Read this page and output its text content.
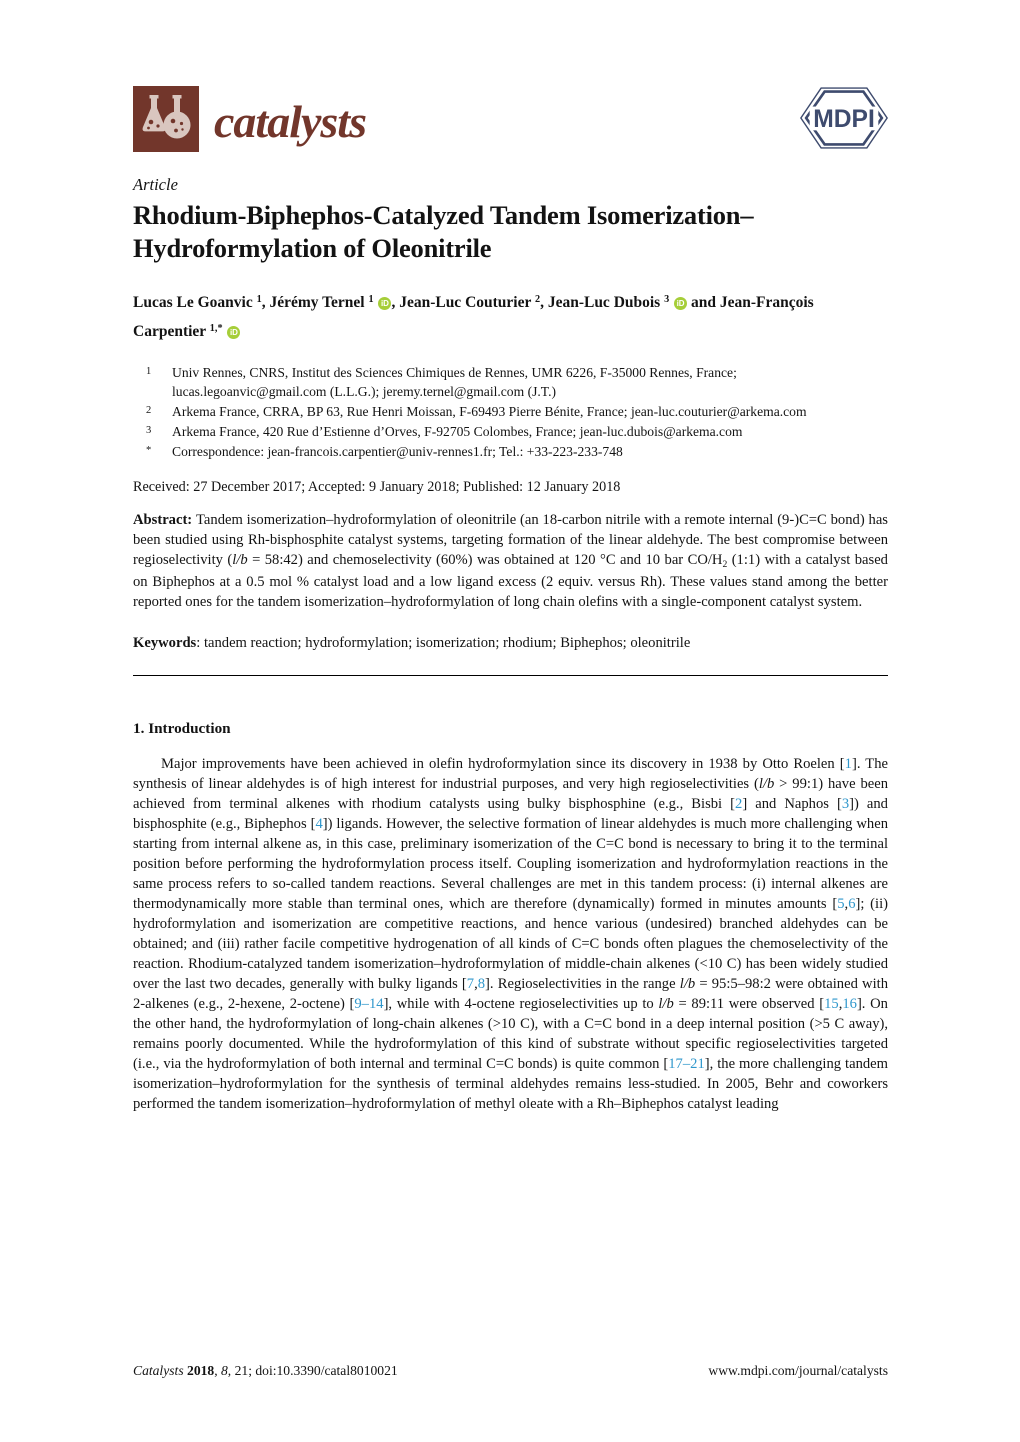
catalysts	MDPI
Article
Rhodium-Biphephos-Catalyzed Tandem Isomerization–Hydroformylation of Oleonitrile

Lucas Le Goanvic $^1$, Jérémy Ternel $^1$ iD , Jean-Luc Couturier $^2$, Jean-Luc Dubois $^3$ iD and Jean-François Carpentier $^{1,*}$ iD

1 Univ Rennes, CNRS, Institut des Sciences Chimiques de Rennes, UMR 6226, F-35000 Rennes, France; lucas.legoanvic@gmail.com (L.L.G.); jeremy.ternel@gmail.com (J.T.)
2 Arkema France, CRRA, BP 63, Rue Henri Moissan, F-69493 Pierre Bénite, France; jean-luc.couturier@arkema.com
3 Arkema France, 420 Rue d’Estienne d’Orves, F-92705 Colombes, France; jean-luc.dubois@arkema.com
* Correspondence: jean-francois.carpentier@univ-rennes1.fr; Tel.: +33-223-233-748
Received: 27 December 2017; Accepted: 9 January 2018; Published: 12 January 2018

Abstract: Tandem isomerization–hydroformylation of oleonitrile (an 18-carbon nitrile with a remote internal (9-)C=C bond) has been studied using Rh-bisphosphite catalyst systems, targeting formation of the linear aldehyde. The best compromise between regioselectivity (l/b = 58:42) and chemoselectivity (60%) was obtained at 120 °C and 10 bar CO/H2 (1:1) with a catalyst based on Biphephos at a 0.5 mol % catalyst load and a low ligand excess (2 equiv. versus Rh). These values stand among the better reported ones for the tandem isomerization–hydroformylation of long chain olefins with a single-component catalyst system.

Keywords: tandem reaction; hydroformylation; isomerization; rhodium; Biphephos; oleonitrile

1. Introduction

Major improvements have been achieved in olefin hydroformylation since its discovery in 1938 by Otto Roelen [1]. The synthesis of linear aldehydes is of high interest for industrial purposes, and very high regioselectivities (l/b > 99:1) have been achieved from terminal alkenes with rhodium catalysts using bulky bisphosphine (e.g., Bisbi [2] and Naphos [3]) and bisphosphite (e.g., Biphephos [4]) ligands. However, the selective formation of linear aldehydes is much more challenging when starting from internal alkene as, in this case, preliminary isomerization of the C=C bond is necessary to bring it to the terminal position before performing the hydroformylation process itself. Coupling isomerization and hydroformylation reactions in the same process refers to so-called tandem reactions. Several challenges are met in this tandem process: (i) internal alkenes are thermodynamically more stable than terminal ones, which are therefore (dynamically) formed in minutes amounts [5,6]; (ii) hydroformylation and isomerization are competitive reactions, and hence various (undesired) branched aldehydes can be obtained; and (iii) rather facile competitive hydrogenation of all kinds of C=C bonds often plagues the chemoselectivity of the reaction. Rhodium-catalyzed tandem isomerization–hydroformylation of middle-chain alkenes (<10 C) has been widely studied over the last two decades, generally with bulky ligands [7,8]. Regioselectivities in the range l/b = 95:5–98:2 were obtained with 2-alkenes (e.g., 2-hexene, 2-octene) [9–14], while with 4-octene regioselectivities up to l/b = 89:11 were observed [15,16]. On the other hand, the hydroformylation of long-chain alkenes (>10 C), with a C=C bond in a deep internal position (>5 C away), remains poorly documented. While the hydroformylation of this kind of substrate without specific regioselectivities targeted (i.e., via the hydroformylation of both internal and terminal C=C bonds) is quite common [17–21], the more challenging tandem isomerization–hydroformylation for the synthesis of terminal aldehydes remains less-studied. In 2005, Behr and coworkers performed the tandem isomerization–hydroformylation of methyl oleate with a Rh–Biphephos catalyst leading

Catalysts 2018, 8, 21; doi:10.3390/catal8010021	www.mdpi.com/journal/catalysts
